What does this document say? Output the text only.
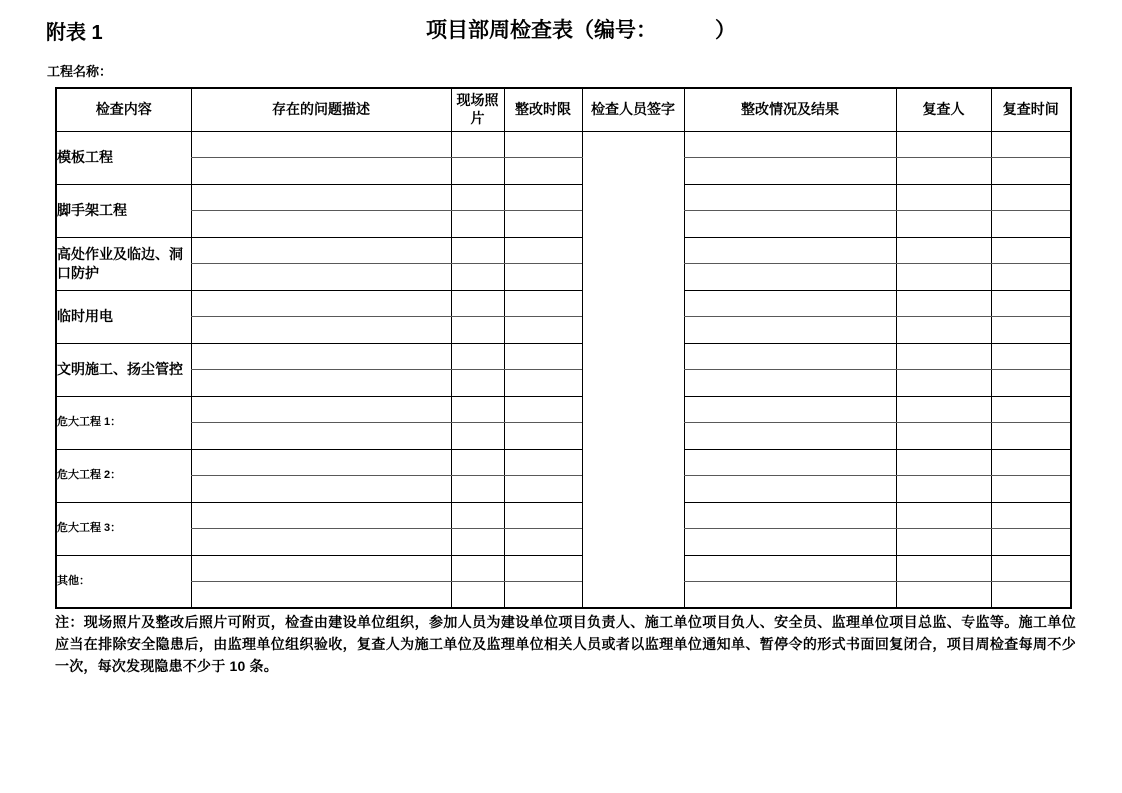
附表 1	项目部周检查表（编号：	）
工程名称：
检查内容	存在的问题描述	现场照片	整改时限	检查人员签字	整改情况及结果	复查人	复查时间
模板工程							

脚手架工程							

高处作业及临边、洞口防护							

临时用电							

文明施工、扬尘管控							

危大工程 1：							

危大工程 2：							

危大工程 3：							

其他：							

注：现场照片及整改后照片可附页，检查由建设单位组织，参加人员为建设单位项目负责人、施工单位项目负人、安全员、监理单位项目总监、专监等。施工单位应当在排除安全隐患后，由监理单位组织验收，复查人为施工单位及监理单位相关人员或者以监理单位通知单、暂停令的形式书面回复闭合，项目周检查每周不少一次，每次发现隐患不少于 10 条。
